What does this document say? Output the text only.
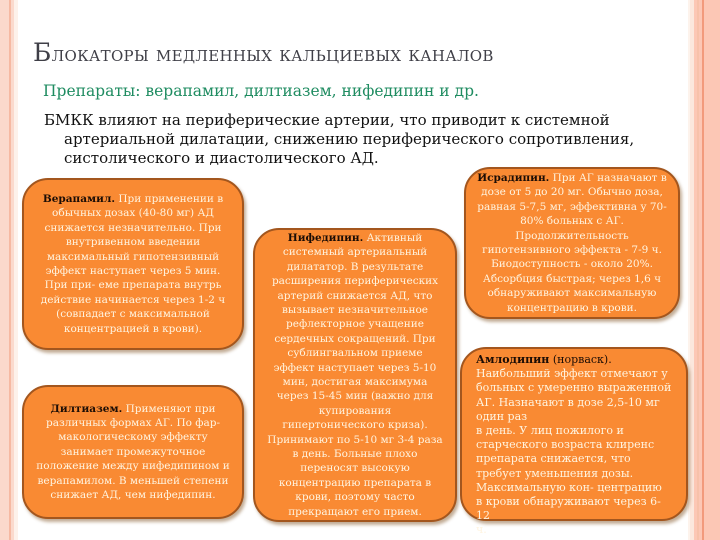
Блокаторы медленных кальциевых каналов
Препараты: верапамил, дилтиазем, нифедипин и др.
БМКК влияют на периферические артерии, что приводит к системной
артериальной дилатации, снижению периферического сопротивления,
систолического и диастолического АД.
Верапамил. При применении в обычных дозах (40-80 мг) АД снижается незначительно. При внутривенном введении максимальный гипотензивный эффект наступает через 5 мин. При при- еме препарата внутрь действие начинается через 1-2 ч (совпадает с максимальной концентрацией в крови).
Дилтиазем. Применяют при различных формах АГ. По фар- макологическому эффекту занимает промежуточное положение между нифедипином и верапамилом. В меньшей степени снижает АД, чем нифедипин.
Нифедипин. Активный системный артериальный дилататор. В результате расширения периферических артерий снижается АД, что вызывает незначительное рефлекторное учащение сердечных сокращений. При сублингвальном приеме эффект наступает через 5-10 мин, достигая максимума через 15-45 мин (важно для купирования гипертонического криза). Принимают по 5-10 мг 3-4 раза в день. Больные плохо переносят высокую концентрацию препарата в крови, поэтому часто прекращают его прием.
Исрадипин. При АГ назначают в дозе от 5 до 20 мг. Обычно доза, равная 5-7,5 мг, эффективна у 70-80% больных с АГ. Продолжительность гипотензивного эффекта - 7-9 ч. Биодоступность - около 20%. Абсорбция быстрая; через 1,6 ч обнаруживают максимальную концентрацию в крови.
Амлодипин (норваск).
Наибольший эффект отмечают у
больных с умеренно выраженной
АГ. Назначают в дозе 2,5-10 мг
один раз
в день. У лиц пожилого и
старческого возраста клиренс
препарата снижается, что
требует уменьшения дозы.
Максимальную кон- центрацию
в крови обнаруживают через 6-12
ч.
